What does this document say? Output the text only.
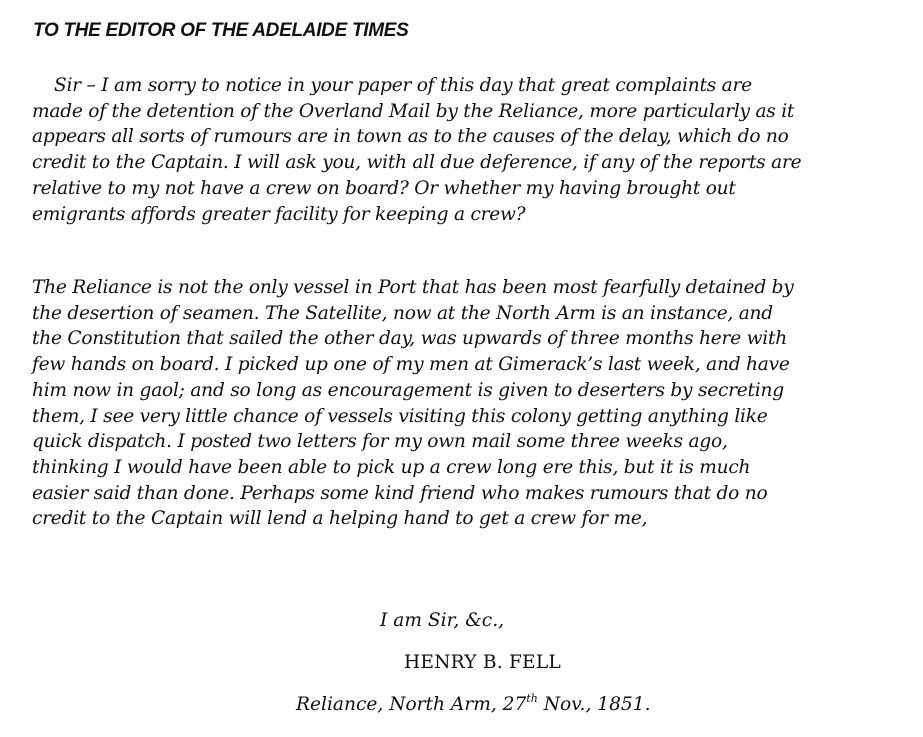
TO THE EDITOR OF THE ADELAIDE TIMES
Sir – I am sorry to notice in your paper of this day that great complaints are
made of the detention of the Overland Mail by the Reliance, more particularly as it
appears all sorts of rumours are in town as to the causes of the delay, which do no
credit to the Captain. I will ask you, with all due deference, if any of the reports are
relative to my not have a crew on board? Or whether my having brought out
emigrants affords greater facility for keeping a crew?
The Reliance is not the only vessel in Port that has been most fearfully detained by
the desertion of seamen. The Satellite, now at the North Arm is an instance, and
the Constitution that sailed the other day, was upwards of three months here with
few hands on board. I picked up one of my men at Gimerack’s last week, and have
him now in gaol; and so long as encouragement is given to deserters by secreting
them, I see very little chance of vessels visiting this colony getting anything like
quick dispatch. I posted two letters for my own mail some three weeks ago,
thinking I would have been able to pick up a crew long ere this, but it is much
easier said than done. Perhaps some kind friend who makes rumours that do no
credit to the Captain will lend a helping hand to get a crew for me,
I am Sir, &c.,
HENRY B. FELL
Reliance, North Arm, 27th Nov., 1851.
